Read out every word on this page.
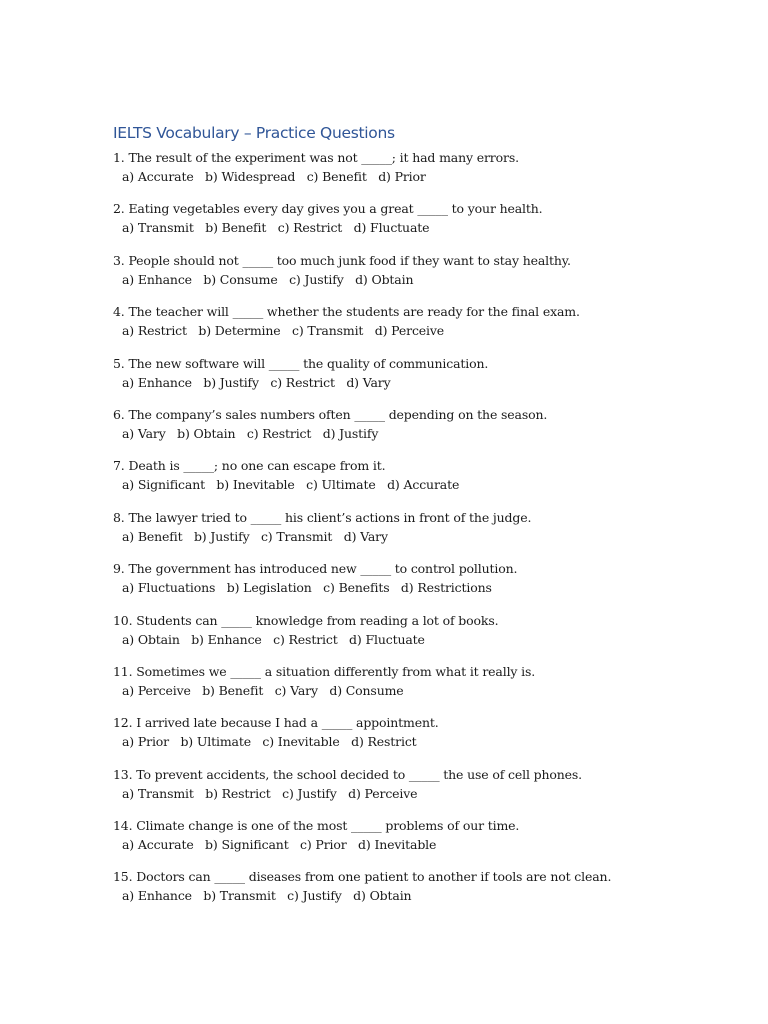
IELTS Vocabulary – Practice Questions
1. The result of the experiment was not _____; it had many errors.
a) Accurate   b) Widespread   c) Benefit   d) Prior
2. Eating vegetables every day gives you a great _____ to your health.
a) Transmit   b) Benefit   c) Restrict   d) Fluctuate
3. People should not _____ too much junk food if they want to stay healthy.
a) Enhance   b) Consume   c) Justify   d) Obtain
4. The teacher will _____ whether the students are ready for the final exam.
a) Restrict   b) Determine   c) Transmit   d) Perceive
5. The new software will _____ the quality of communication.
a) Enhance   b) Justify   c) Restrict   d) Vary
6. The company’s sales numbers often _____ depending on the season.
a) Vary   b) Obtain   c) Restrict   d) Justify
7. Death is _____; no one can escape from it.
a) Significant   b) Inevitable   c) Ultimate   d) Accurate
8. The lawyer tried to _____ his client’s actions in front of the judge.
a) Benefit   b) Justify   c) Transmit   d) Vary
9. The government has introduced new _____ to control pollution.
a) Fluctuations   b) Legislation   c) Benefits   d) Restrictions
10. Students can _____ knowledge from reading a lot of books.
a) Obtain   b) Enhance   c) Restrict   d) Fluctuate
11. Sometimes we _____ a situation differently from what it really is.
a) Perceive   b) Benefit   c) Vary   d) Consume
12. I arrived late because I had a _____ appointment.
a) Prior   b) Ultimate   c) Inevitable   d) Restrict
13. To prevent accidents, the school decided to _____ the use of cell phones.
a) Transmit   b) Restrict   c) Justify   d) Perceive
14. Climate change is one of the most _____ problems of our time.
a) Accurate   b) Significant   c) Prior   d) Inevitable
15. Doctors can _____ diseases from one patient to another if tools are not clean.
a) Enhance   b) Transmit   c) Justify   d) Obtain
